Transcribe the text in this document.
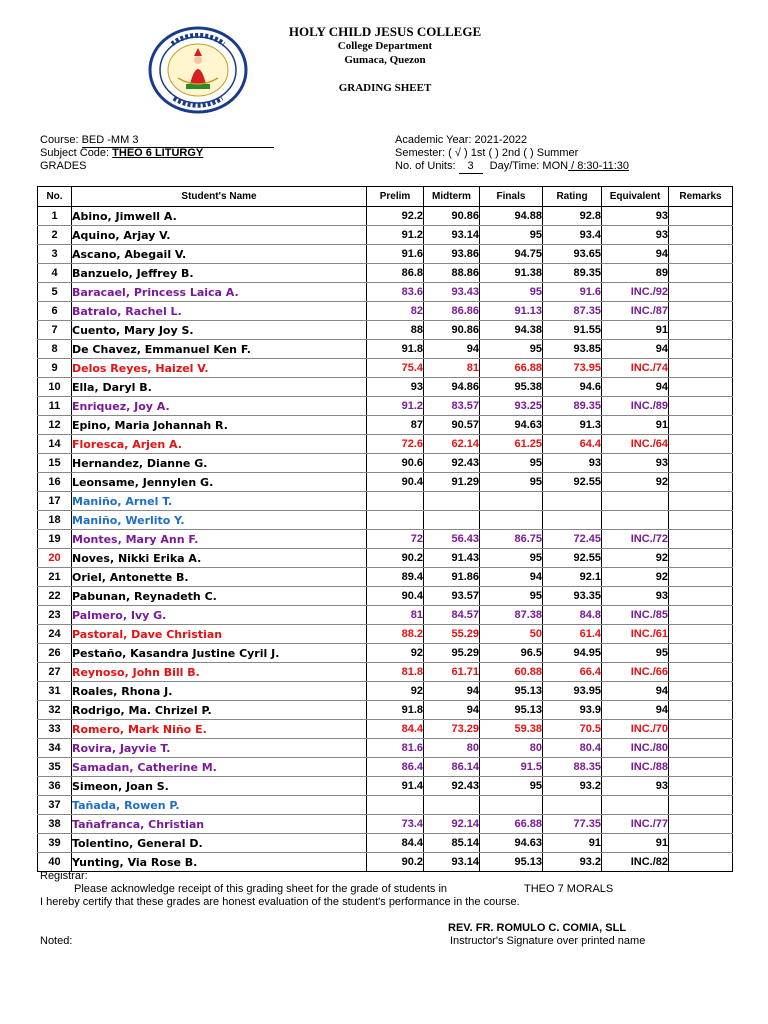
HOLY CHILD JESUS COLLEGE
College Department
Gumaca, Quezon
GRADING SHEET
Course: BED -MM 3
Subject Code: THEO 6 LITURGY
GRADES
Academic Year: 2021-2022
Semester: ( √ ) 1st ( ) 2nd ( ) Summer
No. of Units: 3 Day/Time: MON / 8:30-11:30
No.	Student's Name	Prelim	Midterm	Finals	Rating	Equivalent	Remarks
1	Abino, Jimwell A.	92.2	90.86	94.88	92.8	93	
2	Aquino, Arjay V.	91.2	93.14	95	93.4	93	
3	Ascano, Abegail V.	91.6	93.86	94.75	93.65	94	
4	Banzuelo, Jeffrey B.	86.8	88.86	91.38	89.35	89	
5	Baracael, Princess Laica A.	83.6	93.43	95	91.6	INC./92	
6	Batralo, Rachel L.	82	86.86	91.13	87.35	INC./87	
7	Cuento, Mary Joy S.	88	90.86	94.38	91.55	91	
8	De Chavez, Emmanuel Ken F.	91.8	94	95	93.85	94	
9	Delos Reyes, Haizel V.	75.4	81	66.88	73.95	INC./74	
10	Ella, Daryl B.	93	94.86	95.38	94.6	94	
11	Enriquez, Joy A.	91.2	83.57	93.25	89.35	INC./89	
12	Epino, Maria Johannah R.	87	90.57	94.63	91.3	91	
14	Floresca, Arjen A.	72.6	62.14	61.25	64.4	INC./64	
15	Hernandez, Dianne G.	90.6	92.43	95	93	93	
16	Leonsame, Jennylen G.	90.4	91.29	95	92.55	92	
17	Maniño, Arnel T.						
18	Maniño, Werlito Y.						
19	Montes, Mary Ann F.	72	56.43	86.75	72.45	INC./72	
20	Noves, Nikki Erika A.	90.2	91.43	95	92.55	92	
21	Oriel, Antonette B.	89.4	91.86	94	92.1	92	
22	Pabunan, Reynadeth C.	90.4	93.57	95	93.35	93	
23	Palmero, Ivy G.	81	84.57	87.38	84.8	INC./85	
24	Pastoral, Dave Christian	88.2	55.29	50	61.4	INC./61	
26	Pestaño, Kasandra Justine Cyril J.	92	95.29	96.5	94.95	95	
27	Reynoso, John Bill B.	81.8	61.71	60.88	66.4	INC./66	
31	Roales, Rhona J.	92	94	95.13	93.95	94	
32	Rodrigo, Ma. Chrizel P.	91.8	94	95.13	93.9	94	
33	Romero, Mark Niño E.	84.4	73.29	59.38	70.5	INC./70	
34	Rovira, Jayvie T.	81.6	80	80	80.4	INC./80	
35	Samadan, Catherine M.	86.4	86.14	91.5	88.35	INC./88	
36	Simeon, Joan S.	91.4	92.43	95	93.2	93	
37	Tañada, Rowen P.						
38	Tañafranca, Christian	73.4	92.14	66.88	77.35	INC./77	
39	Tolentino, General D.	84.4	85.14	94.63	91	91	
40	Yunting, Via Rose B.	90.2	93.14	95.13	93.2	INC./82	
Registrar:
Please acknowledge receipt of this grading sheet for the grade of students in	THEO 7 MORALS
I hereby certify that these grades are honest evaluation of the student's performance in the course.
REV. FR. ROMULO C. COMIA, SLL
Noted:	Instructor's Signature over printed name
